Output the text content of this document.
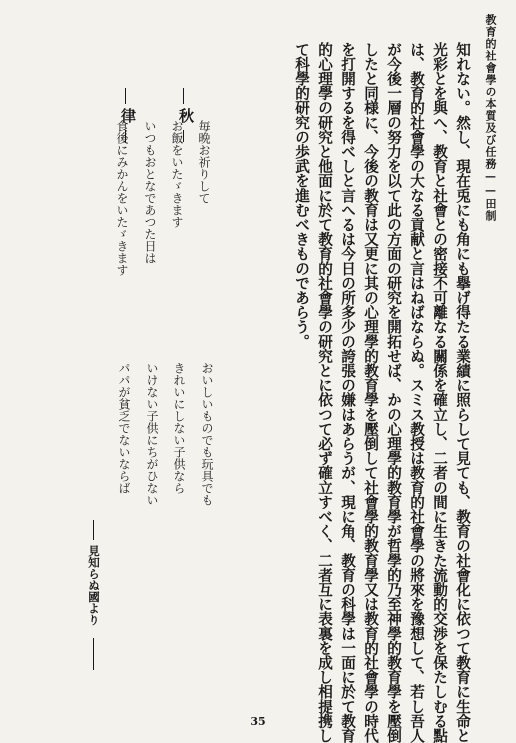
教育的社會學の本質及び任務——田制
知れない。然し、現在兎にも角にも擧げ得たる業績に照らして見ても、教育の社會化に依つて教育に生命と
光彩とを與へ、教育と社會との密接不可離なる關係を確立し、二者の間に生きた流動的交渉を保たしむる點
は、教育的社會學の大なる貢献と言はねばならぬ。スミス教授は教育的社會學の將來を豫想して、若し吾人
が今後一層の努力を以て此の方面の研究を開拓せば、かの心理學的教育學が哲學的乃至神學的教育學を壓倒
したと同様に、今後の教育は又更に其の心理學的教育學を壓倒して社會學的教育學又は教育的社會學の時代
を打開するを得べしと言へるは今日の所多少の誇張の嫌はあらうが、現に角、教育の科學は一面に於て教育
的心理學の研究と他面に於て教育的社會學の研究とに依つて必ず確立すべく、二者互に表裏を成し相提携し
て科學的研究の歩武を進むべきものであらう。
秋
律
毎晩お祈りして
お飯をいたゞきます
いつもおとなであつた日は
食後にみかんをいたゞきます
おいしいものでも玩具でも
きれいにしない子供なら
いけない子供にちがひない
パパが貧乏でないならば
見知らぬ國より
35
